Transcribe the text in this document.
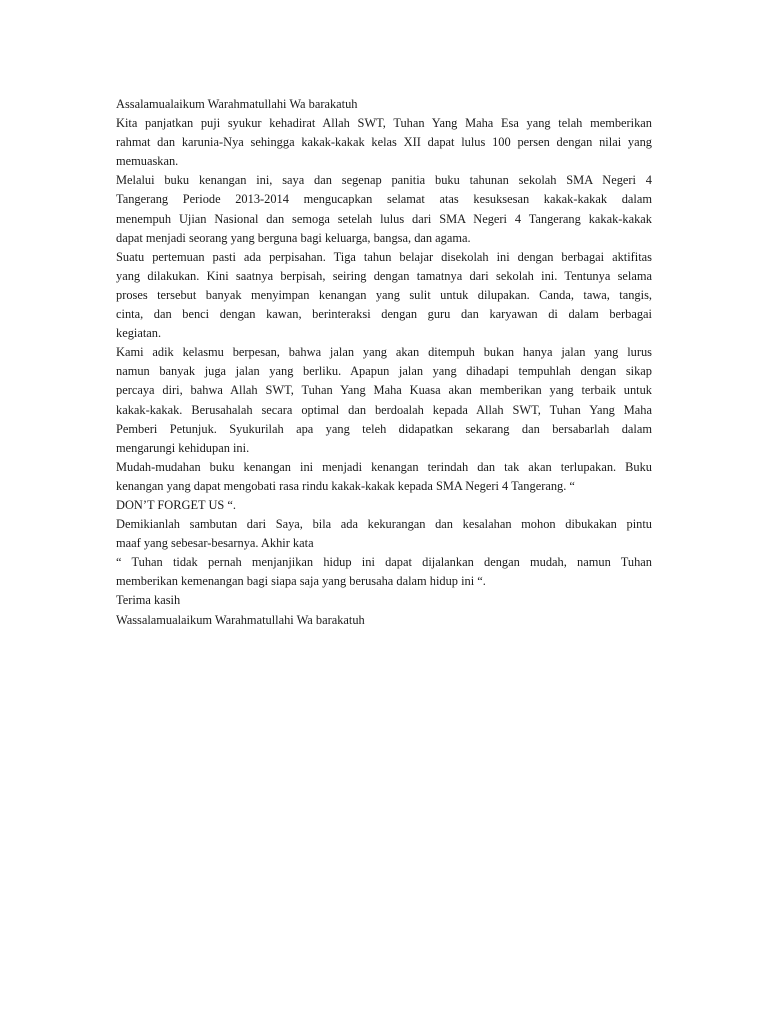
Assalamualaikum Warahmatullahi Wa barakatuh
Kita panjatkan puji syukur kehadirat Allah SWT, Tuhan Yang Maha Esa yang telah memberikan
rahmat dan karunia-Nya sehingga kakak-kakak kelas XII dapat lulus 100 persen dengan nilai yang
memuaskan.
Melalui buku kenangan ini, saya dan segenap panitia buku tahunan sekolah SMA Negeri 4
Tangerang Periode 2013-2014 mengucapkan selamat atas kesuksesan kakak-kakak dalam
menempuh Ujian Nasional dan semoga setelah lulus dari SMA Negeri 4 Tangerang kakak-kakak
dapat menjadi seorang yang berguna bagi keluarga, bangsa, dan agama.
Suatu pertemuan pasti ada perpisahan. Tiga tahun belajar disekolah ini dengan berbagai aktifitas
yang dilakukan. Kini saatnya berpisah, seiring dengan tamatnya dari sekolah ini. Tentunya selama
proses tersebut banyak menyimpan kenangan yang sulit untuk dilupakan. Canda, tawa, tangis,
cinta, dan benci dengan kawan, berinteraksi dengan guru dan karyawan di dalam berbagai
kegiatan.
Kami adik kelasmu berpesan, bahwa jalan yang akan ditempuh bukan hanya jalan yang lurus
namun banyak juga jalan yang berliku. Apapun jalan yang dihadapi tempuhlah dengan sikap
percaya diri, bahwa Allah SWT, Tuhan Yang Maha Kuasa akan memberikan yang terbaik untuk
kakak-kakak. Berusahalah secara optimal dan berdoalah kepada Allah SWT, Tuhan Yang Maha
Pemberi Petunjuk. Syukurilah apa yang teleh didapatkan sekarang dan bersabarlah dalam
mengarungi kehidupan ini.
Mudah-mudahan buku kenangan ini menjadi kenangan terindah dan tak akan terlupakan. Buku
kenangan yang dapat mengobati rasa rindu kakak-kakak kepada SMA Negeri 4 Tangerang. “
DON’T FORGET US “.
Demikianlah sambutan dari Saya, bila ada kekurangan dan kesalahan mohon dibukakan pintu
maaf yang sebesar-besarnya. Akhir kata
“ Tuhan tidak pernah menjanjikan hidup ini dapat dijalankan dengan mudah, namun Tuhan
memberikan kemenangan bagi siapa saja yang berusaha dalam hidup ini “.
Terima kasih
Wassalamualaikum Warahmatullahi Wa barakatuh
